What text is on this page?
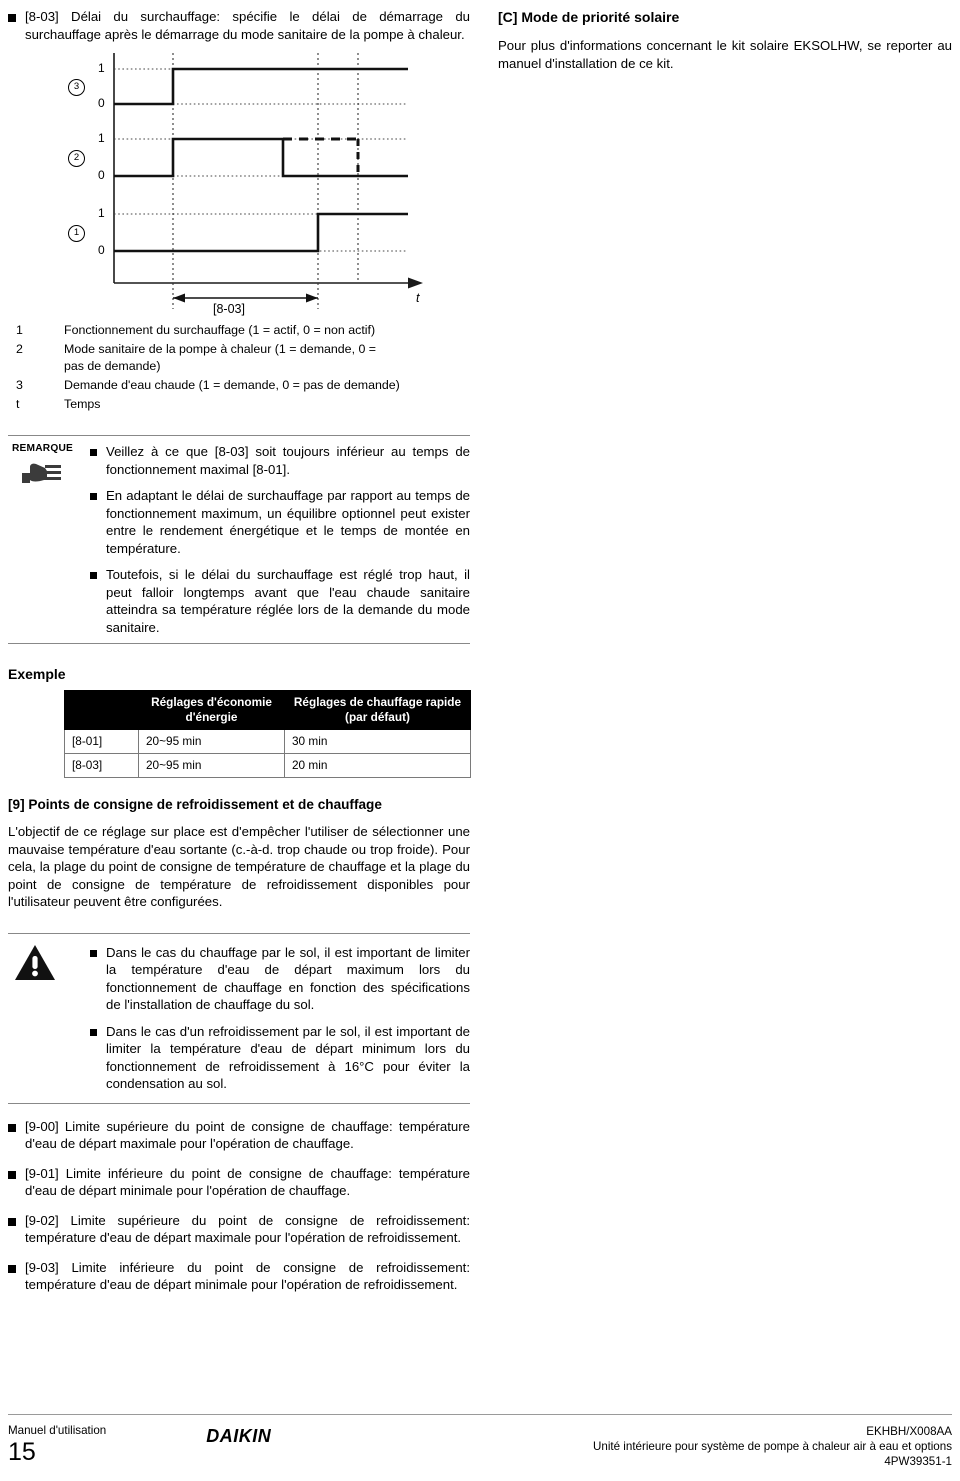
[8-03] Délai du surchauffage: spécifie le délai de démarrage du surchauffage après le démarrage du mode sanitaire de la pompe à chaleur.
3
2
1
1
0
1
0
1
0
[8-03]
t
1	Fonctionnement du surchauffage (1 = actif, 0 = non actif)
2	Mode sanitaire de la pompe à chaleur (1 = demande, 0 = pas de demande)
3	Demande d'eau chaude (1 = demande, 0 = pas de demande)
t	Temps
REMARQUE	Veillez à ce que [8-03] soit toujours inférieur au temps de fonctionnement maximal [8-01].
En adaptant le délai de surchauffage par rapport au temps de fonctionnement maximum, un équilibre optionnel peut exister entre le rendement énergétique et le temps de montée en température.
Toutefois, si le délai du surchauffage est réglé trop haut, il peut falloir longtemps avant que l'eau chaude sanitaire atteindra sa température réglée lors de la demande du mode sanitaire.
Exemple
	Réglages d'économie d'énergie	Réglages de chauffage rapide (par défaut)
[8-01]	20~95 min	30 min
[8-03]	20~95 min	20 min
[9] Points de consigne de refroidissement et de chauffage

L'objectif de ce réglage sur place est d'empêcher l'utiliser de sélectionner une mauvaise température d'eau sortante (c.-à-d. trop chaude ou trop froide). Pour cela, la plage du point de consigne de température de chauffage et la plage du point de consigne de température de refroidissement disponibles pour l'utilisateur peuvent être configurées.

Dans le cas du chauffage par le sol, il est important de limiter la température d'eau de départ maximum lors du fonctionnement de chauffage en fonction des spécifications de l'installation de chauffage du sol.
Dans le cas d'un refroidissement par le sol, il est important de limiter la température d'eau de départ minimum lors du fonctionnement de refroidissement à 16°C pour éviter la condensation au sol.
[9-00] Limite supérieure du point de consigne de chauffage: température d'eau de départ maximale pour l'opération de chauffage.
[9-01] Limite inférieure du point de consigne de chauffage: température d'eau de départ minimale pour l'opération de chauffage.
[9-02] Limite supérieure du point de consigne de refroidissement: température d'eau de départ maximale pour l'opération de refroidissement.
[9-03] Limite inférieure du point de consigne de refroidissement: température d'eau de départ minimale pour l'opération de refroidissement.
[C] Mode de priorité solaire

Pour plus d'informations concernant le kit solaire EKSOLHW, se reporter au manuel d'installation de ce kit.

Manuel d'utilisation
15
DAIKIN	EKHBH/X008AA
Unité intérieure pour système de pompe à chaleur air à eau et options
4PW39351-1
